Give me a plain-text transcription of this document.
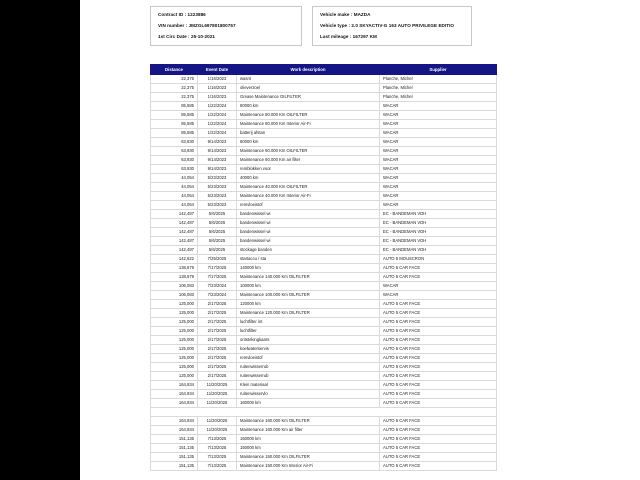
Contract ID : 1223886

VIN number : JMZGL697801800757

1st Circ Date : 25-10-2021

Vehicle make : MAZDA

Vehicle type : 2.0 SKYACTIV-G 163 AUTO PRIVILEGE EDITIO

Last mileage : 167297 KM

Distance	Event Date	Work description	Supplier
22,375	1/16/2023	wasnt	Planche, Michel
22,375	1/16/2023	olieverzoel	Planche, Michel
22,375	1/16/2023	Grease Maintenance OILFILTER	Planche, Michel
85,585	1/22/2024	80000 km	WACAR
85,585	1/22/2024	Maintenance 80.000 Km OILFILTER	WACAR
85,585	1/22/2024	Maintenance 80.000 Km Interior Air-Fi	WACAR
85,585	1/22/2024	batterij afstan	WACAR
63,930	9/14/2023	60000 km	WACAR
63,930	9/14/2023	Maintenance 60.000 Km OILFILTER	WACAR
63,930	9/14/2023	Maintenance 60.000 Km air filter	WACAR
63,930	9/14/2023	remblokken voor	WACAR
44,054	5/23/2023	40000 km	WACAR
44,054	5/23/2023	Maintenance 40.000 Km OILFILTER	WACAR
44,054	5/23/2023	Maintenance 40.000 Km Interior Air-Fi	WACAR
44,054	5/23/2023	remvloeistof	WACAR
142,487	5/6/2025	bandenwissel wi	EC - BANDEMAN VDH
142,487	5/6/2025	bandenwissel wi	EC - BANDEMAN VDH
142,487	5/6/2025	bandenwissel wi	EC - BANDEMAN VDH
142,487	5/6/2025	bandenwissel wi	EC - BANDEMAN VDH
142,487	5/6/2025	stockage banden	EC - BANDEMAN VDH
142,622	7/25/2025	startaccu / sta	AUTO 5 MOUSCRON
138,679	7/17/2025	140000 km	AUTO 5 CAR FACE
138,679	7/17/2025	Maintenance 140.000 Km OILFILTER	AUTO 5 CAR FACE
106,083	7/23/2024	100000 km	WACAR
106,083	7/23/2024	Maintenance 100.000 Km OILFILTER	WACAR
125,000	2/17/2025	120000 km	AUTO 5 CAR FACE
125,000	2/17/2025	Maintenance 120.000 Km OILFILTER	AUTO 5 CAR FACE
125,000	2/17/2025	luchtfilter int	AUTO 5 CAR FACE
125,000	2/17/2025	luchtfilter	AUTO 5 CAR FACE
125,000	2/17/2025	ontstekingkaars	AUTO 5 CAR FACE
125,000	2/17/2025	koelwaterservis	AUTO 5 CAR FACE
125,000	2/17/2025	remvloeistof	AUTO 5 CAR FACE
125,000	2/17/2025	ruitenwisserrub	AUTO 5 CAR FACE
125,000	2/17/2025	ruitenwisserrub	AUTO 5 CAR FACE
164,934	11/20/2025	Klein materiaal	AUTO 5 CAR FACE
164,934	11/20/2025	ruitenwisservlo	AUTO 5 CAR FACE
164,934	11/20/2025	160000 km	AUTO 5 CAR FACE

164,934	11/20/2025	Maintenance 160.000 Km OILFILTER	AUTO 5 CAR FACE
164,934	11/20/2025	Maintenance 160.000 Km air filter	AUTO 5 CAR FACE
151,135	7/13/2025	150000 km	AUTO 5 CAR FACE
151,135	7/13/2025	150000 km	AUTO 5 CAR FACE
151,135	7/13/2025	Maintenance 150.000 Km OILFILTER	AUTO 5 CAR FACE
151,135	7/13/2025	Maintenance 150.000 Km Interior Air-Fi	AUTO 5 CAR FACE
